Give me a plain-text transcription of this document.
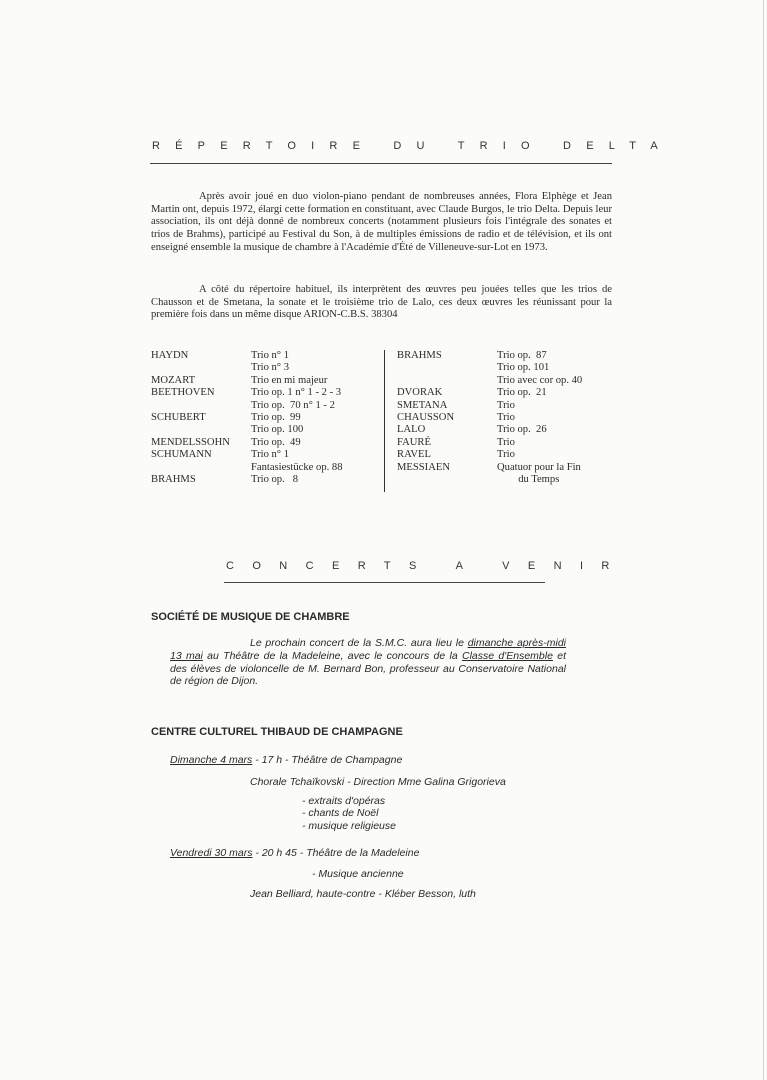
RÉPERTOIRE DU TRIO DELTA
Après avoir joué en duo violon-piano pendant de nombreuses années, Flora Elphège et Jean Martin ont, depuis 1972, élargi cette formation en constituant, avec Claude Burgos, le trio Delta. Depuis leur association, ils ont déjà donné de nombreux concerts (notamment plusieurs fois l'intégrale des sonates et trios de Brahms), participé au Festival du Son, à de multiples émissions de radio et de télévision, et ils ont enseigné ensemble la musique de chambre à l'Académie d'Été de Villeneuve-sur-Lot en 1973.
A côté du répertoire habituel, ils interprètent des œuvres peu jouées telles que les trios de Chausson et de Smetana, la sonate et le troisième trio de Lalo, ces deux œuvres les réunissant pour la première fois dans un même disque ARION-C.B.S. 38304
HAYDN	Trio n° 1
Trio n° 3
MOZART	Trio en mi majeur
BEETHOVEN	Trio op. 1 n° 1 - 2 - 3
Trio op.  70 n° 1 - 2
SCHUBERT	Trio op.  99
Trio op. 100
MENDELSSOHN	Trio op.  49
SCHUMANN	Trio n° 1
Fantasiestücke op. 88
BRAHMS	Trio op.   8
BRAHMS	Trio op.  87
Trio op. 101
Trio avec cor op. 40
DVORAK	Trio op.  21
SMETANA	Trio
CHAUSSON	Trio
LALO	Trio op.  26
FAURÉ	Trio
RAVEL	Trio
MESSIAEN	Quatuor pour la Fin
du Temps
CONCERTS A VENIR
SOCIÉTÉ DE MUSIQUE DE CHAMBRE
Le prochain concert de la S.M.C. aura lieu le dimanche après-midi 13 mai au Théâtre de la Madeleine, avec le concours de la Classe d'Ensemble et des élèves de violoncelle de M. Bernard Bon, professeur au Conservatoire National de région de Dijon.
CENTRE CULTUREL THIBAUD DE CHAMPAGNE
Dimanche 4 mars - 17 h - Théâtre de Champagne
Chorale Tchaïkovski - Direction Mme Galina Grigorieva
- extraits d'opéras
- chants de Noël
- musique religieuse
Vendredi 30 mars - 20 h 45 - Théâtre de la Madeleine
- Musique ancienne
Jean Belliard, haute-contre - Kléber Besson, luth
